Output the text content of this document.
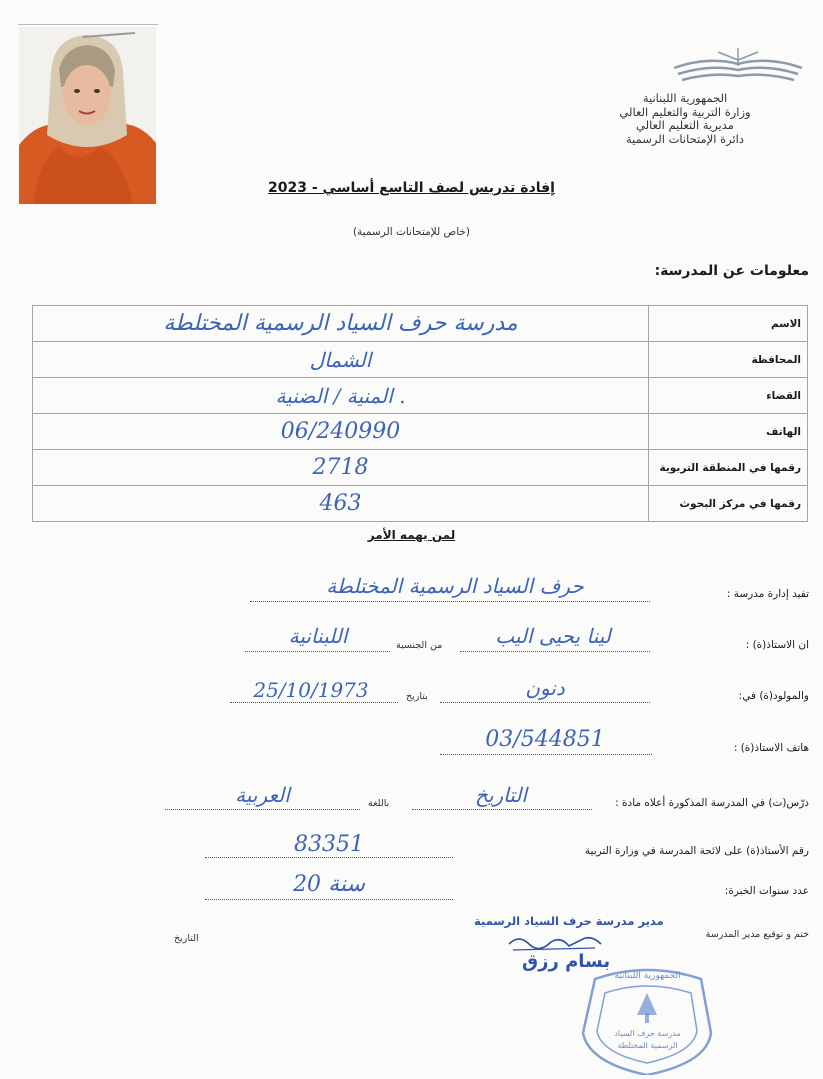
الجمهورية اللبنانية
وزارة التربية والتعليم العالي
مديرية التعليم العالي
دائرة الإمتحانات الرسمية
إفادة تدريس لصف التاسع أساسي - 2023
(خاص للإمتحانات الرسمية)
معلومات عن المدرسة:
مدرسة حرف السياد الرسمية المختلطة	الاسم
الشمال	المحافظة
المنية / الضنية .	القضاء
06/240990	الهاتف
2718	رقمها في المنطقة التربوية
463	رقمها في مركز البحوث
لمن يهمه الأمر
تفيد إدارة مدرسة :
حرف السياد الرسمية المختلطة
ان الاستاذ(ة) :
لينا يحيى اليب
من الجنسية
اللبنانية
والمولود(ة) في:
دنون
بتاريخ
25/10/1973
هاتف الاستاذ(ة) :
03/544851
درّس(ت) في المدرسة المذكورة أعلاه مادة :
التاريخ
باللغة
العربية
رقم الأستاذ(ة) على لائحة المدرسة في وزارة التربية
83351
عدد سنوات الخبرة:
20 سنة
ختم و توقيع مدير المدرسة
التاريخ
مدير مدرسة حرف السياد الرسمية
بسام رزق
الجمهورية اللبنانية
مدرسة حرف السياد
الرسمية المختلطة
